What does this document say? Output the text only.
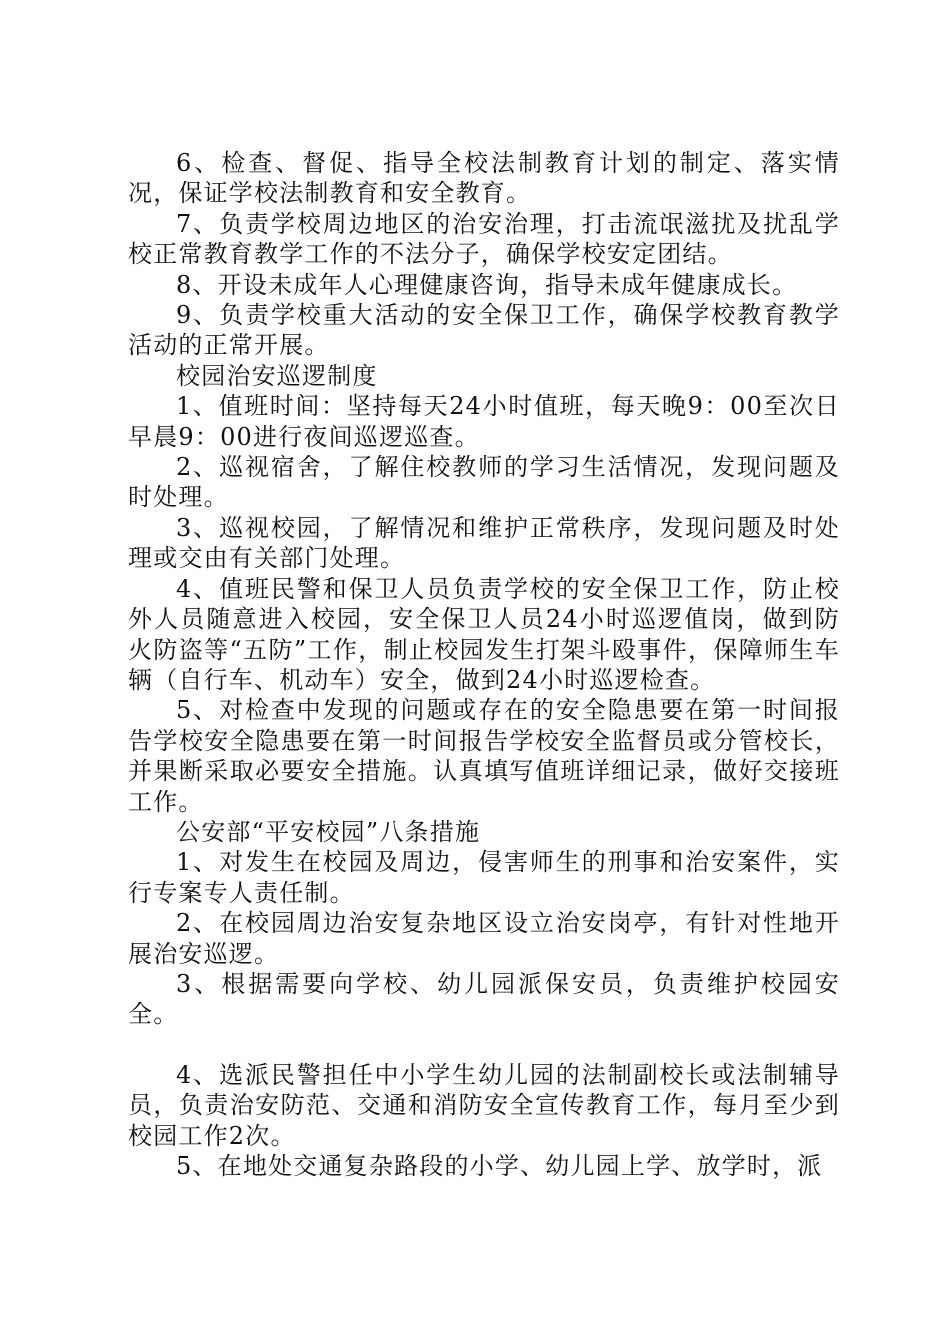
6、检查、督促、指导全校法制教育计划的制定、落实情况，保证学校法制教育和安全教育。

7、负责学校周边地区的治安治理，打击流氓滋扰及扰乱学校正常教育教学工作的不法分子，确保学校安定团结。

8、开设未成年人心理健康咨询，指导未成年健康成长。

9、负责学校重大活动的安全保卫工作，确保学校教育教学活动的正常开展。

校园治安巡逻制度

1、值班时间：坚持每天24小时值班，每天晚9：00至次日早晨9：00进行夜间巡逻巡查。

2、巡视宿舍，了解住校教师的学习生活情况，发现问题及时处理。

3、巡视校园，了解情况和维护正常秩序，发现问题及时处理或交由有关部门处理。

4、值班民警和保卫人员负责学校的安全保卫工作，防止校外人员随意进入校园，安全保卫人员24小时巡逻值岗，做到防火防盗等“五防”工作，制止校园发生打架斗殴事件，保障师生车辆（自行车、机动车）安全，做到24小时巡逻检查。

5、对检查中发现的问题或存在的安全隐患要在第一时间报告学校安全隐患要在第一时间报告学校安全监督员或分管校长，并果断采取必要安全措施。认真填写值班详细记录，做好交接班工作。

公安部“平安校园”八条措施

1、对发生在校园及周边，侵害师生的刑事和治安案件，实行专案专人责任制。

2、在校园周边治安复杂地区设立治安岗亭，有针对性地开展治安巡逻。

3、根据需要向学校、幼儿园派保安员，负责维护校园安全。

4、选派民警担任中小学生幼儿园的法制副校长或法制辅导员，负责治安防范、交通和消防安全宣传教育工作，每月至少到校园工作2次。

5、在地处交通复杂路段的小学、幼儿园上学、放学时，派
